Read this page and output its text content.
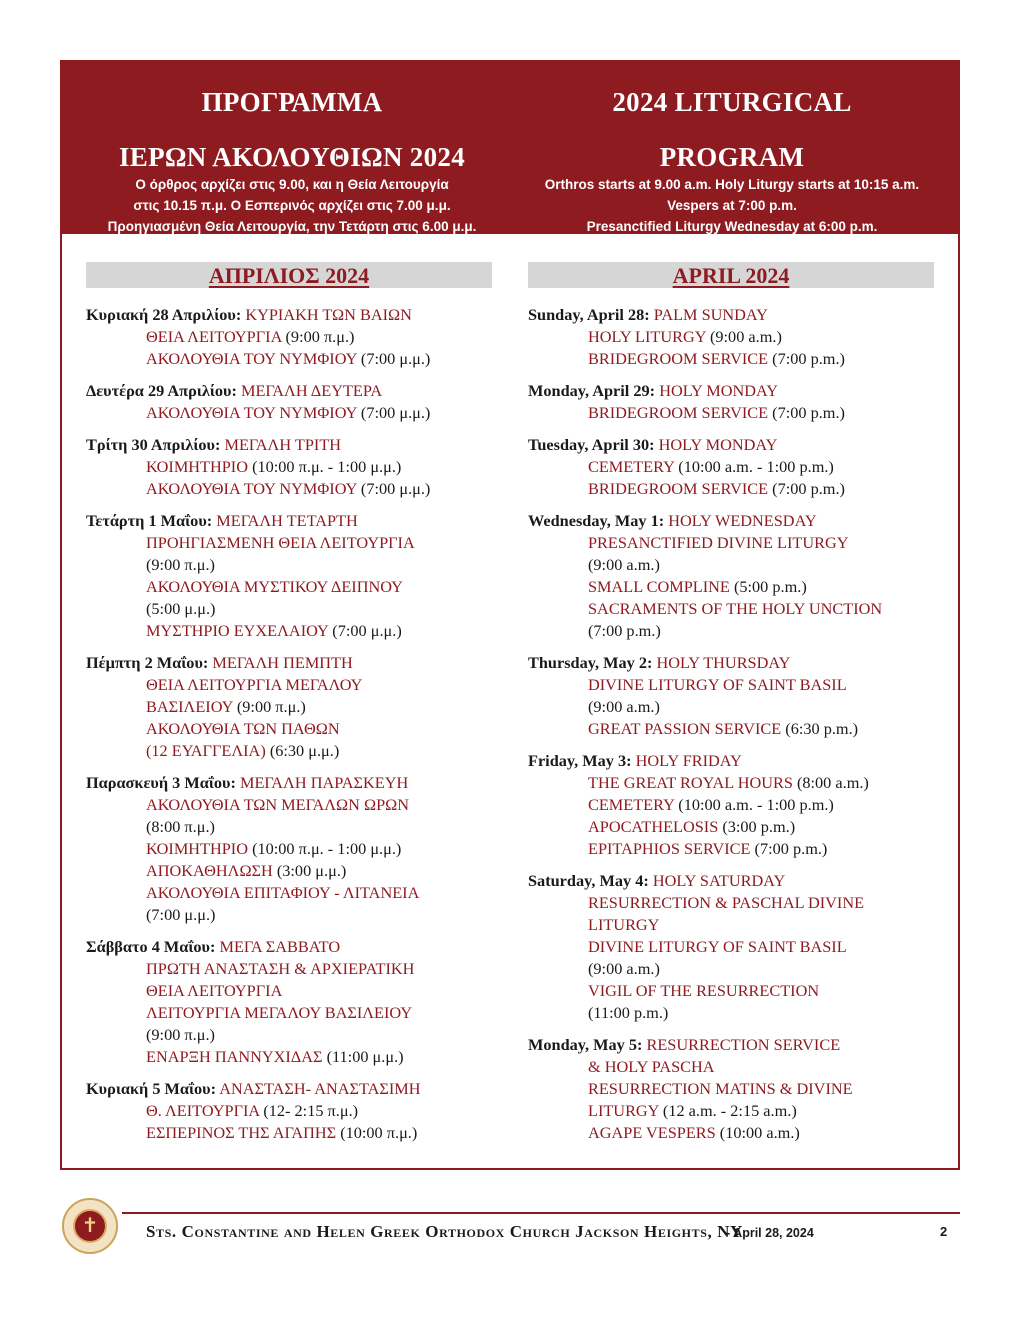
ΠΡΟΓΡΑΜΜΑ
ΙΕΡΩΝ ΑΚΟΛΟΥΘΙΩΝ 2024
Ο όρθρος αρχίζει στις 9.00, και η Θεία Λειτουργία
στις 10.15 π.μ. Ο Εσπερινός αρχίζει στις 7.00 μ.μ.
Προηγιασμένη Θεία Λειτουργία, την Τετάρτη στις 6.00 μ.μ.
2024 LITURGICAL
PROGRAM
Orthros starts at 9.00 a.m. Holy Liturgy starts at 10:15 a.m.
Vespers at 7:00 p.m.
Presanctified Liturgy Wednesday at 6:00 p.m.
ΑΠΡΙΛΙΟΣ 2024
Κυριακή 28 Απριλίου: ΚΥΡΙΑΚΗ ΤΩΝ ΒΑΙΩΝ
ΘΕΙΑ ΛΕΙΤΟΥΡΓΙΑ (9:00 π.μ.)
ΑΚΟΛΟΥΘΙΑ ΤΟΥ ΝΥΜΦΙΟΥ (7:00 μ.μ.)
Δευτέρα 29 Απριλίου: ΜΕΓΑΛΗ ΔΕΥΤΕΡΑ
ΑΚΟΛΟΥΘΙΑ ΤΟΥ ΝΥΜΦΙΟΥ (7:00 μ.μ.)
Τρίτη 30 Απριλίου: ΜΕΓΑΛΗ ΤΡΙΤΗ
ΚΟΙΜΗΤΗΡΙΟ (10:00 π.μ. - 1:00 μ.μ.)
ΑΚΟΛΟΥΘΙΑ ΤΟΥ ΝΥΜΦΙΟΥ (7:00 μ.μ.)
Τετάρτη 1 Μαΐου: ΜΕΓΑΛΗ ΤΕΤΑΡΤΗ
ΠΡΟΗΓΙΑΣΜΕΝΗ ΘΕΙΑ ΛΕΙΤΟΥΡΓΙΑ
(9:00 π.μ.)
ΑΚΟΛΟΥΘΙΑ ΜΥΣΤΙΚΟΥ ΔΕΙΠΝΟΥ
(5:00 μ.μ.)
ΜΥΣΤΗΡΙΟ ΕΥΧΕΛΑΙΟΥ (7:00 μ.μ.)
Πέμπτη 2 Μαΐου: ΜΕΓΑΛΗ ΠΕΜΠΤΗ
ΘΕΙΑ ΛΕΙΤΟΥΡΓΙΑ ΜΕΓΑΛΟΥ
ΒΑΣΙΛΕΙΟΥ (9:00 π.μ.)
ΑΚΟΛΟΥΘΙΑ ΤΩΝ ΠΑΘΩΝ
(12 ΕΥΑΓΓΕΛΙΑ) (6:30 μ.μ.)
Παρασκευή 3 Μαΐου: ΜΕΓΑΛΗ ΠΑΡΑΣΚΕΥΗ
ΑΚΟΛΟΥΘΙΑ ΤΩΝ ΜΕΓΑΛΩΝ ΩΡΩΝ
(8:00 π.μ.)
ΚΟΙΜΗΤΗΡΙΟ (10:00 π.μ. - 1:00 μ.μ.)
ΑΠΟΚΑΘΗΛΩΣΗ (3:00 μ.μ.)
ΑΚΟΛΟΥΘΙΑ ΕΠΙΤΑΦΙΟΥ - ΛΙΤΑΝΕΙΑ
(7:00 μ.μ.)
Σάββατο 4 Μαΐου: ΜΕΓΑ ΣΑΒΒΑΤΟ
ΠΡΩΤΗ ΑΝΑΣΤΑΣΗ & ΑΡΧΙΕΡΑΤΙΚΗ
ΘΕΙΑ ΛΕΙΤΟΥΡΓΙΑ
ΛΕΙΤΟΥΡΓΙΑ ΜΕΓΑΛΟΥ ΒΑΣΙΛΕΙΟΥ
(9:00 π.μ.)
ΕΝΑΡΞΗ ΠΑΝΝΥΧΙΔΑΣ (11:00 μ.μ.)
Κυριακή 5 Μαΐου: ΑΝΑΣΤΑΣΗ- ΑΝΑΣΤΑΣΙΜΗ
Θ. ΛΕΙΤΟΥΡΓΙΑ (12- 2:15 π.μ.)
ΕΣΠΕΡΙΝΟΣ ΤΗΣ ΑΓΑΠΗΣ (10:00 π.μ.)
APRIL 2024
Sunday, April 28: PALM SUNDAY
HOLY LITURGY (9:00 a.m.)
BRIDEGROOM SERVICE (7:00 p.m.)
Monday, April 29: HOLY MONDAY
BRIDEGROOM SERVICE (7:00 p.m.)
Tuesday, April 30: HOLY MONDAY
CEMETERY (10:00 a.m. - 1:00 p.m.)
BRIDEGROOM SERVICE (7:00 p.m.)
Wednesday, May 1: HOLY WEDNESDAY
PRESANCTIFIED DIVINE LITURGY
(9:00 a.m.)
SMALL COMPLINE (5:00 p.m.)
SACRAMENTS OF THE HOLY UNCTION
(7:00 p.m.)
Thursday, May 2: HOLY THURSDAY
DIVINE LITURGY OF SAINT BASIL
(9:00 a.m.)
GREAT PASSION SERVICE (6:30 p.m.)
Friday, May 3: HOLY FRIDAY
THE GREAT ROYAL HOURS (8:00 a.m.)
CEMETERY (10:00 a.m. - 1:00 p.m.)
APOCATHELOSIS (3:00 p.m.)
EPITAPHIOS SERVICE (7:00 p.m.)
Saturday, May 4: HOLY SATURDAY
RESURRECTION & PASCHAL DIVINE
LITURGY
DIVINE LITURGY OF SAINT BASIL
(9:00 a.m.)
VIGIL OF THE RESURRECTION
(11:00 p.m.)
Monday, May 5: RESURRECTION SERVICE
& HOLY PASCHA
RESURRECTION MATINS & DIVINE
LITURGY (12 a.m. - 2:15 a.m.)
AGAPE VESPERS (10:00 a.m.)
✝	Sts. Constantine and Helen Greek Orthodox Church Jackson Heights, NY
- April 28, 2024	2
